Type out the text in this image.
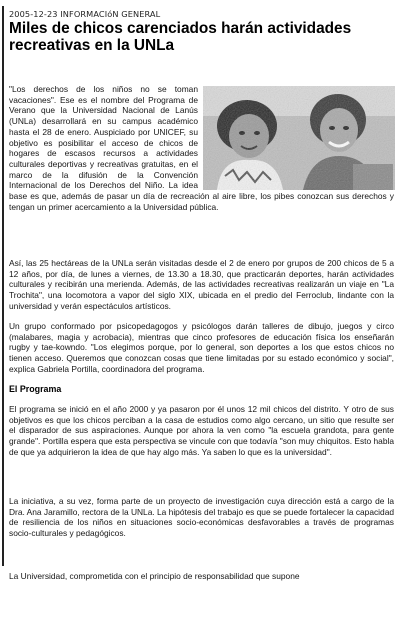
2005-12-23 INFORMACIóN GENERAL
Miles de chicos carenciados harán actividades recreativas en la UNLa

"Los derechos de los niños no se toman vacaciones". Ese es el nombre del Programa de Verano que la Universidad Nacional de Lanús (UNLa) desarrollará en su campus académico hasta el 28 de enero. Auspiciado por UNICEF, su objetivo es posibilitar el acceso de chicos de hogares de escasos recursos a actividades culturales deportivas y recreativas gratuitas, en el marco de la difusión de la Convención Internacional de los Derechos del Niño. La idea base es que, además de pasar un día de recreación al aire libre, los pibes conozcan sus derechos y tengan un primer acercamiento a la Universidad pública.

Así, las 25 hectáreas de la UNLa serán visitadas desde el 2 de enero por grupos de 200 chicos de 5 a 12 años, por día, de lunes a viernes, de 13.30 a 18.30, que practicarán deportes, harán actividades culturales y recibirán una merienda. Además, de las actividades recreativas realizarán un viaje en "La Trochita", una locomotora a vapor del siglo XIX, ubicada en el predio del Ferroclub, lindante con la universidad y verán espectáculos artísticos.

Un grupo conformado por psicopedagogos y psicólogos darán talleres de dibujo, juegos y circo (malabares, magia y acrobacia), mientras que cinco profesores de educación física los enseñarán rugby y tae-kowndo. "Los elegimos porque, por lo general, son deportes a los que estos chicos no tienen acceso. Queremos que conozcan cosas que tiene limitadas por su estado económico y social", explica Gabriela Portilla, coordinadora del programa.

El Programa

El programa se inició en el año 2000 y ya pasaron por él unos 12 mil chicos del distrito. Y otro de sus objetivos es que los chicos perciban a la casa de estudios como algo cercano, un sitio que resulte ser el disparador de sus aspiraciones. Aunque por ahora la ven como "la escuela grandota, para gente grande". Portilla espera que esta perspectiva se vincule con que todavía "son muy chiquitos. Esto habla de que ya adquirieron la idea de que hay algo más. Ya saben lo que es la universidad".

La iniciativa, a su vez, forma parte de un proyecto de investigación cuya dirección está a cargo de la Dra. Ana Jaramillo, rectora de la UNLa. La hipótesis del trabajo es que se puede fortalecer la capacidad de resiliencia de los niños en situaciones socio-económicas desfavorables a través de programas socio-culturales y pedagógicos.

La Universidad, comprometida con el principio de responsabilidad que supone
